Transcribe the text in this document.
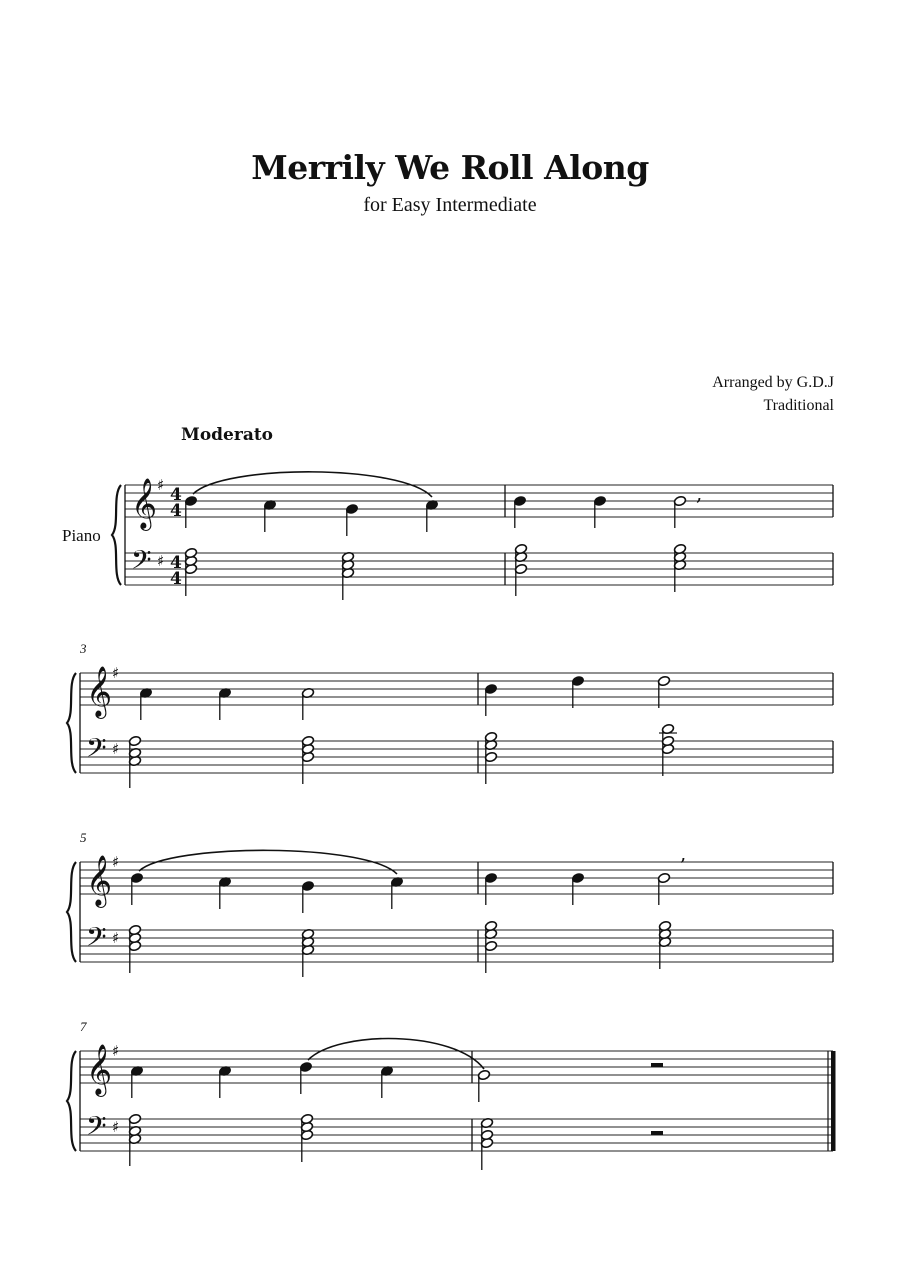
Merrily We Roll Along
for Easy Intermediate
Arranged by G.D.J
Traditional
Moderato
Piano
𝄞
𝄢
♯
♯
4
4
4
4
𝄞
𝄢
♯
♯
3
𝄞
𝄢
♯
♯
5
𝄞
𝄢
♯
♯
7
,
,
